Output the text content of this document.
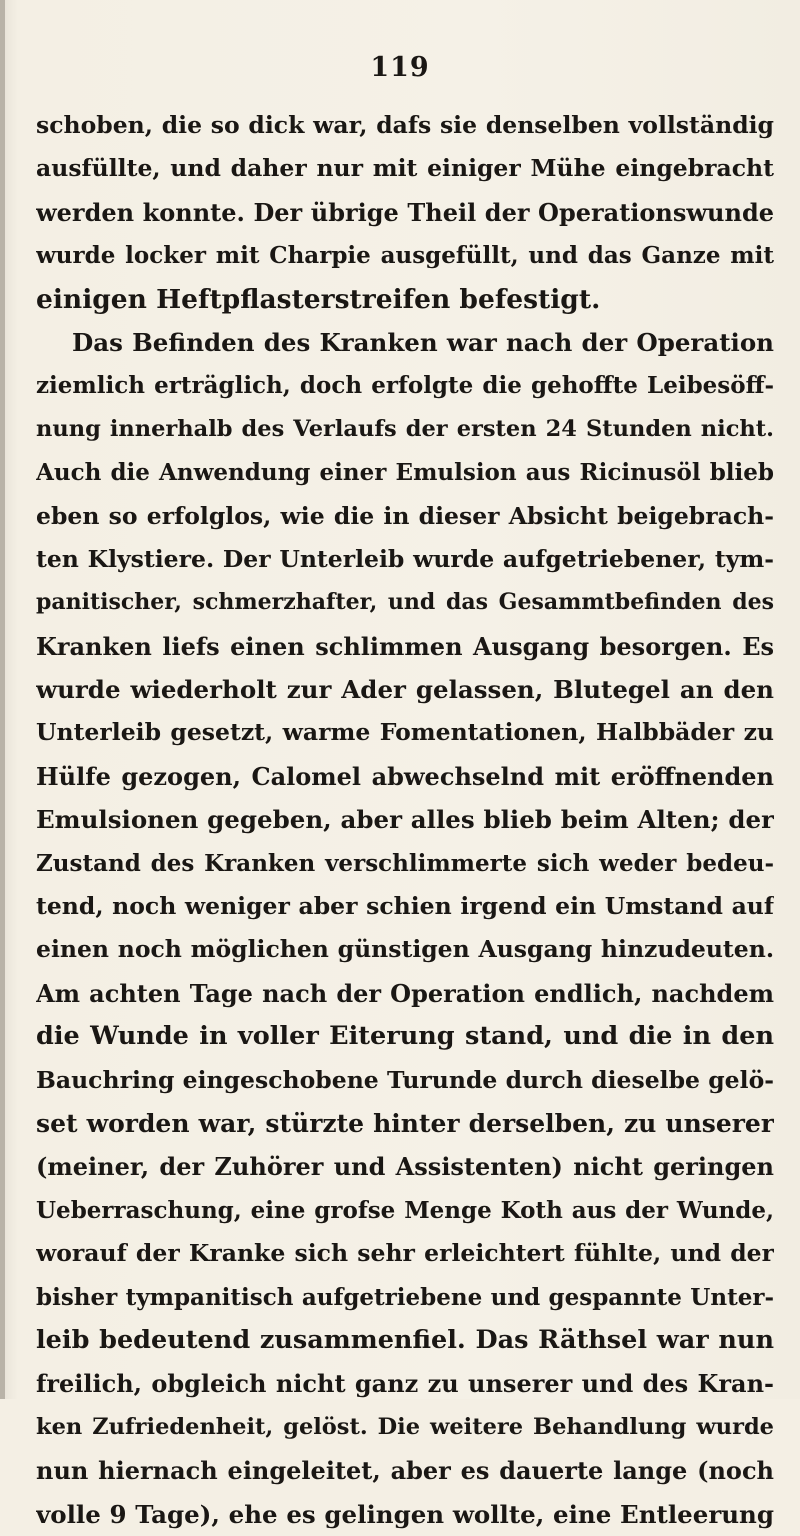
119
schoben, die so dick war, dafs sie denselben vollständig
ausfüllte, und daher nur mit einiger Mühe eingebracht
werden konnte. Der übrige Theil der Operationswunde
wurde locker mit Charpie ausgefüllt, und das Ganze mit
einigen Heftpflasterstreifen befestigt.
Das Befinden des Kranken war nach der Operation
ziemlich erträglich, doch erfolgte die gehoffte Leibesöff-
nung innerhalb des Verlaufs der ersten 24 Stunden nicht.
Auch die Anwendung einer Emulsion aus Ricinusöl blieb
eben so erfolglos, wie die in dieser Absicht beigebrach-
ten Klystiere. Der Unterleib wurde aufgetriebener, tym-
panitischer, schmerzhafter, und das Gesammtbefinden des
Kranken liefs einen schlimmen Ausgang besorgen. Es
wurde wiederholt zur Ader gelassen, Blutegel an den
Unterleib gesetzt, warme Fomentationen, Halbbäder zu
Hülfe gezogen, Calomel abwechselnd mit eröffnenden
Emulsionen gegeben, aber alles blieb beim Alten; der
Zustand des Kranken verschlimmerte sich weder bedeu-
tend, noch weniger aber schien irgend ein Umstand auf
einen noch möglichen günstigen Ausgang hinzudeuten.
Am achten Tage nach der Operation endlich, nachdem
die Wunde in voller Eiterung stand, und die in den
Bauchring eingeschobene Turunde durch dieselbe gelö-
set worden war, stürzte hinter derselben, zu unserer
(meiner, der Zuhörer und Assistenten) nicht geringen
Ueberraschung, eine grofse Menge Koth aus der Wunde,
worauf der Kranke sich sehr erleichtert fühlte, und der
bisher tympanitisch aufgetriebene und gespannte Unter-
leib bedeutend zusammenfiel. Das Räthsel war nun
freilich, obgleich nicht ganz zu unserer und des Kran-
ken Zufriedenheit, gelöst. Die weitere Behandlung wurde
nun hiernach eingeleitet, aber es dauerte lange (noch
volle 9 Tage), ehe es gelingen wollte, eine Entleerung
